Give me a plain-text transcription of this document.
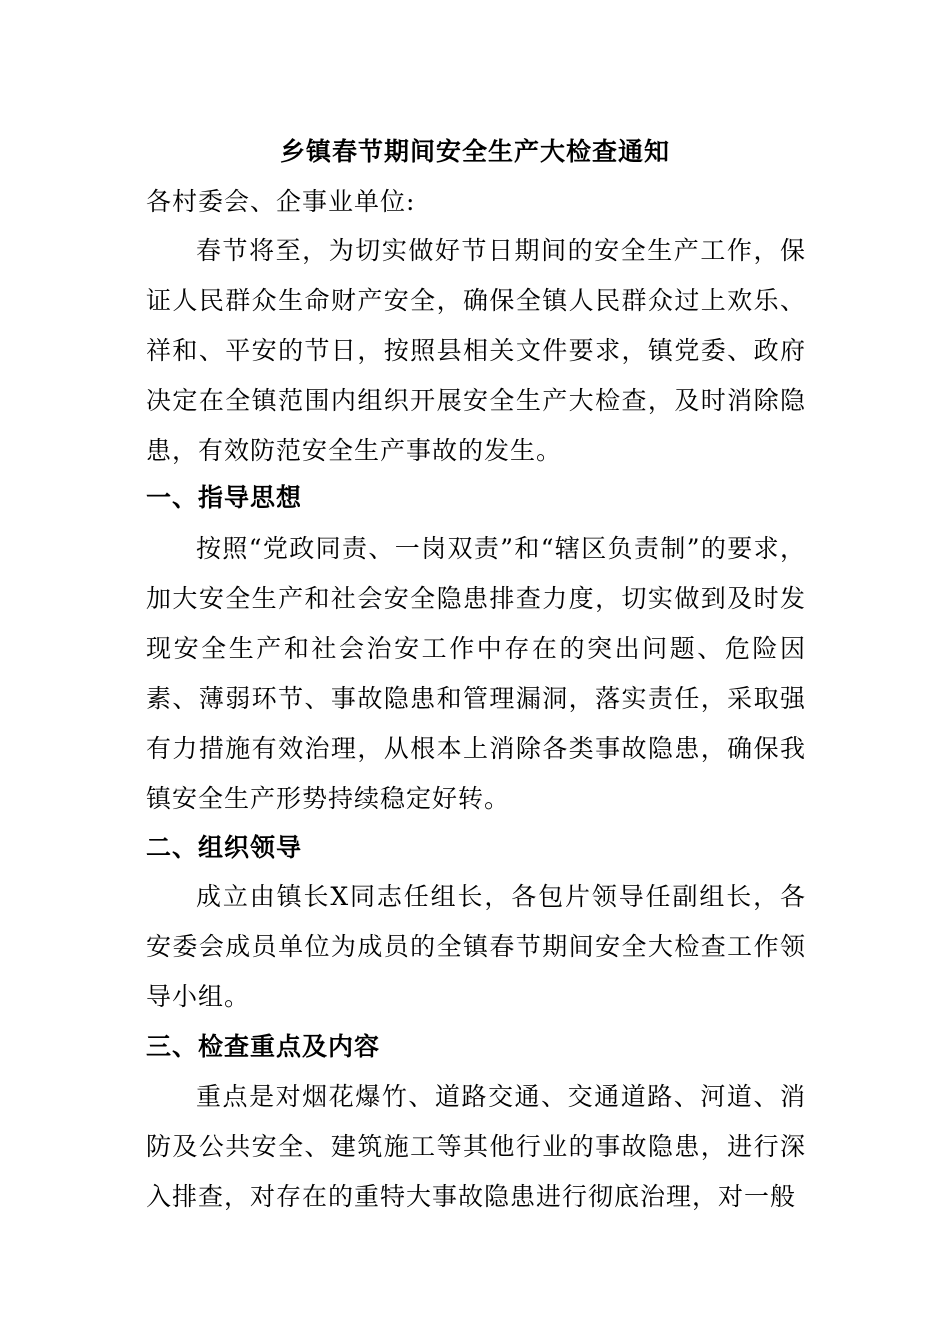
乡镇春节期间安全生产大检查通知
各村委会、企事业单位:

春节将至，为切实做好节日期间的安全生产工作，保证人民群众生命财产安全，确保全镇人民群众过上欢乐、祥和、平安的节日，按照县相关文件要求，镇党委、政府决定在全镇范围内组织开展安全生产大检查，及时消除隐患，有效防范安全生产事故的发生。

一、指导思想

按照“党政同责、一岗双责”和“辖区负责制”的要求，加大安全生产和社会安全隐患排查力度，切实做到及时发现安全生产和社会治安工作中存在的突出问题、危险因素、薄弱环节、事故隐患和管理漏洞，落实责任，采取强有力措施有效治理，从根本上消除各类事故隐患，确保我镇安全生产形势持续稳定好转。

二、组织领导

成立由镇长X同志任组长，各包片领导任副组长，各安委会成员单位为成员的全镇春节期间安全大检查工作领导小组。

三、检查重点及内容

重点是对烟花爆竹、道路交通、交通道路、河道、消防及公共安全、建筑施工等其他行业的事故隐患，进行深入排查，对存在的重特大事故隐患进行彻底治理，对一般
